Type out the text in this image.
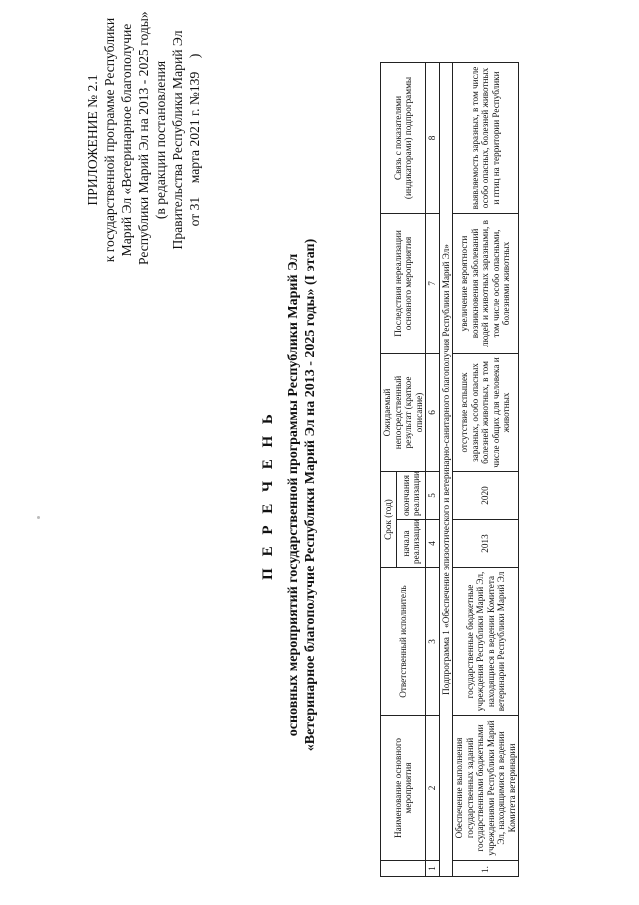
ПРИЛОЖЕНИЕ № 2.1 к государственной программе Республики Марий Эл «Ветеринарное благополучие Республики Марий Эл на 2013 - 2025 годы» (в редакции постановления Правительства Республики Марий Эл от 31    марта 2021 г. №139    )
П Е Р Е Ч Е Н Ь основных мероприятий государственной программы Республики Марий Эл «Ветеринарное благополучие Республики Марий Эл на 2013 - 2025 годы» (I этап)
	Наименование основного мероприятия	Ответственный исполнитель	Срок (год)		Ожидаемый непосредственный результат (краткое описание)	Последствия нереализации основного мероприятия	Связь с показателями (индикаторами) подпрограммы
			начала реализации	окончания реализации			
1	2	3	4	5	6	7	8
Подпрограмма 1 «Обеспечение эпизоотического и ветеринарно-санитарного благополучия Республики Марий Эл»							
1.	Обеспечение выполнения государственных заданий государственными бюджетными учреждениями Республики Марий Эл, находящимися в ведении Комитета ветеринарии	государственные бюджетные учреждения Республики Марий Эл, находящиеся в ведении Комитета ветеринарии Республики Марий Эл	2013	2020	отсутствие вспышек заразных, особо опасных болезней животных, в том числе общих для человека и животных	увеличение вероятности возникновения заболеваний людей и животных заразными, в том числе особо опасными, болезнями животных	выявляемость заразных, в том числе особо опасных, болезней животных и птиц на территории Республики
